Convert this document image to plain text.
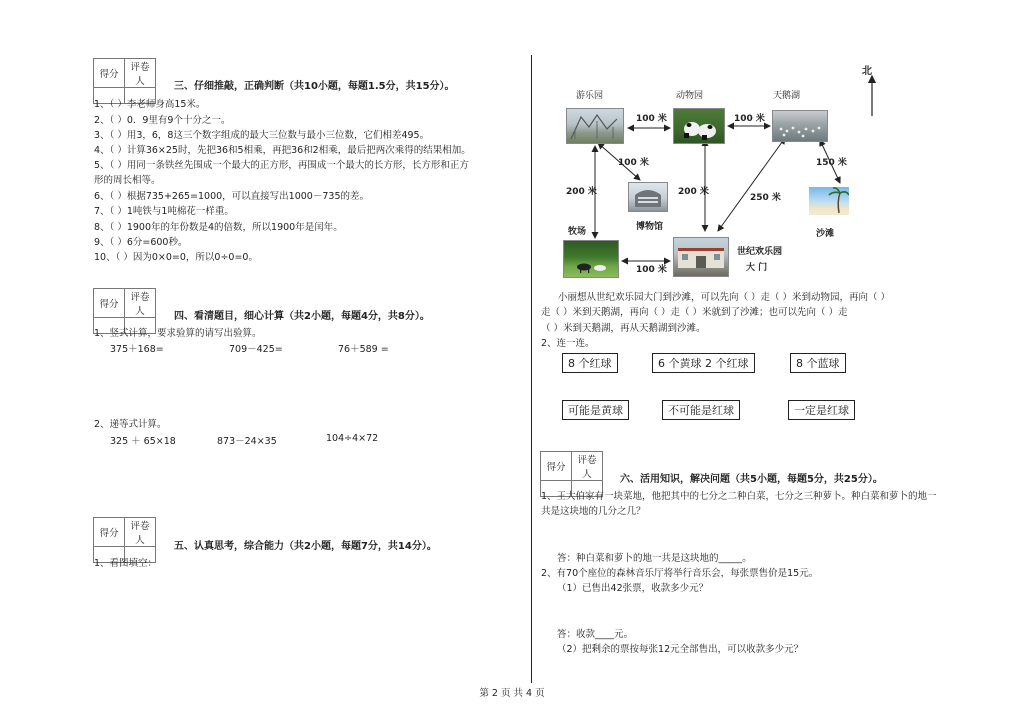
得分	评卷人
		三、仔细推敲，正确判断（共10小题，每题1.5分，共15分）。
1、（ ）李老师身高15米。
2、（ ）0．9里有9个十分之一。
3、（ ）用3，6，8这三个数字组成的最大三位数与最小三位数，它们相差495。
4、（ ）计算36×25时，先把36和5相乘，再把36和2相乘，最后把两次乘得的结果相加。
5、（ ）用同一条铁丝先围成一个最大的正方形，再围成一个最大的长方形，长方形和正方
形的周长相等。
6、（ ）根据735+265=1000，可以直接写出1000－735的差。
7、（ ）1吨铁与1吨棉花一样重。
8、（ ）1900年的年份数是4的倍数，所以1900年是闰年。
9、（ ）6分=600秒。
10、（ ）因为0×0=0，所以0÷0=0。
得分	评卷人
		四、看清题目，细心计算（共2小题，每题4分，共8分）。
1、竖式计算，要求验算的请写出验算。
375＋168=	709－425=	76＋589 =
2、递等式计算。
325 ＋ 65×18	873－24×35	104÷4×72
得分	评卷人

五、认真思考，综合能力（共2小题，每题7分，共14分）。
1、看图填空：
北
游乐园	动物园	天鹅湖
博物馆
沙滩
牧场
世纪欢乐园
大 门
100 米	100 米
100 米	150 米
200 米	200 米
250 米
100 米
小丽想从世纪欢乐园大门到沙滩，可以先向（ ）走（ ）米到动物园，再向（ ）
走（ ）米到天鹅湖，再向（ ）走（ ）米就到了沙滩；也可以先向（ ）走
（ ）米到天鹅湖，再从天鹅湖到沙滩。
2、连一连。
8 个红球	6 个黄球 2 个红球	8 个蓝球
可能是黄球	不可能是红球	一定是红球
得分	评卷人
		六、活用知识，解决问题（共5小题，每题5分，共25分）。
1、王大伯家有一块菜地，他把其中的七分之二种白菜，七分之三种萝卜。种白菜和萝卜的地一
共是这块地的几分之几？
答：种白菜和萝卜的地一共是这块地的_____。
2、有70个座位的森林音乐厅将举行音乐会，每张票售价是15元。
（1）已售出42张票，收款多少元？
答：收款____元。
（2）把剩余的票按每张12元全部售出，可以收款多少元？
第 2 页 共 4 页
